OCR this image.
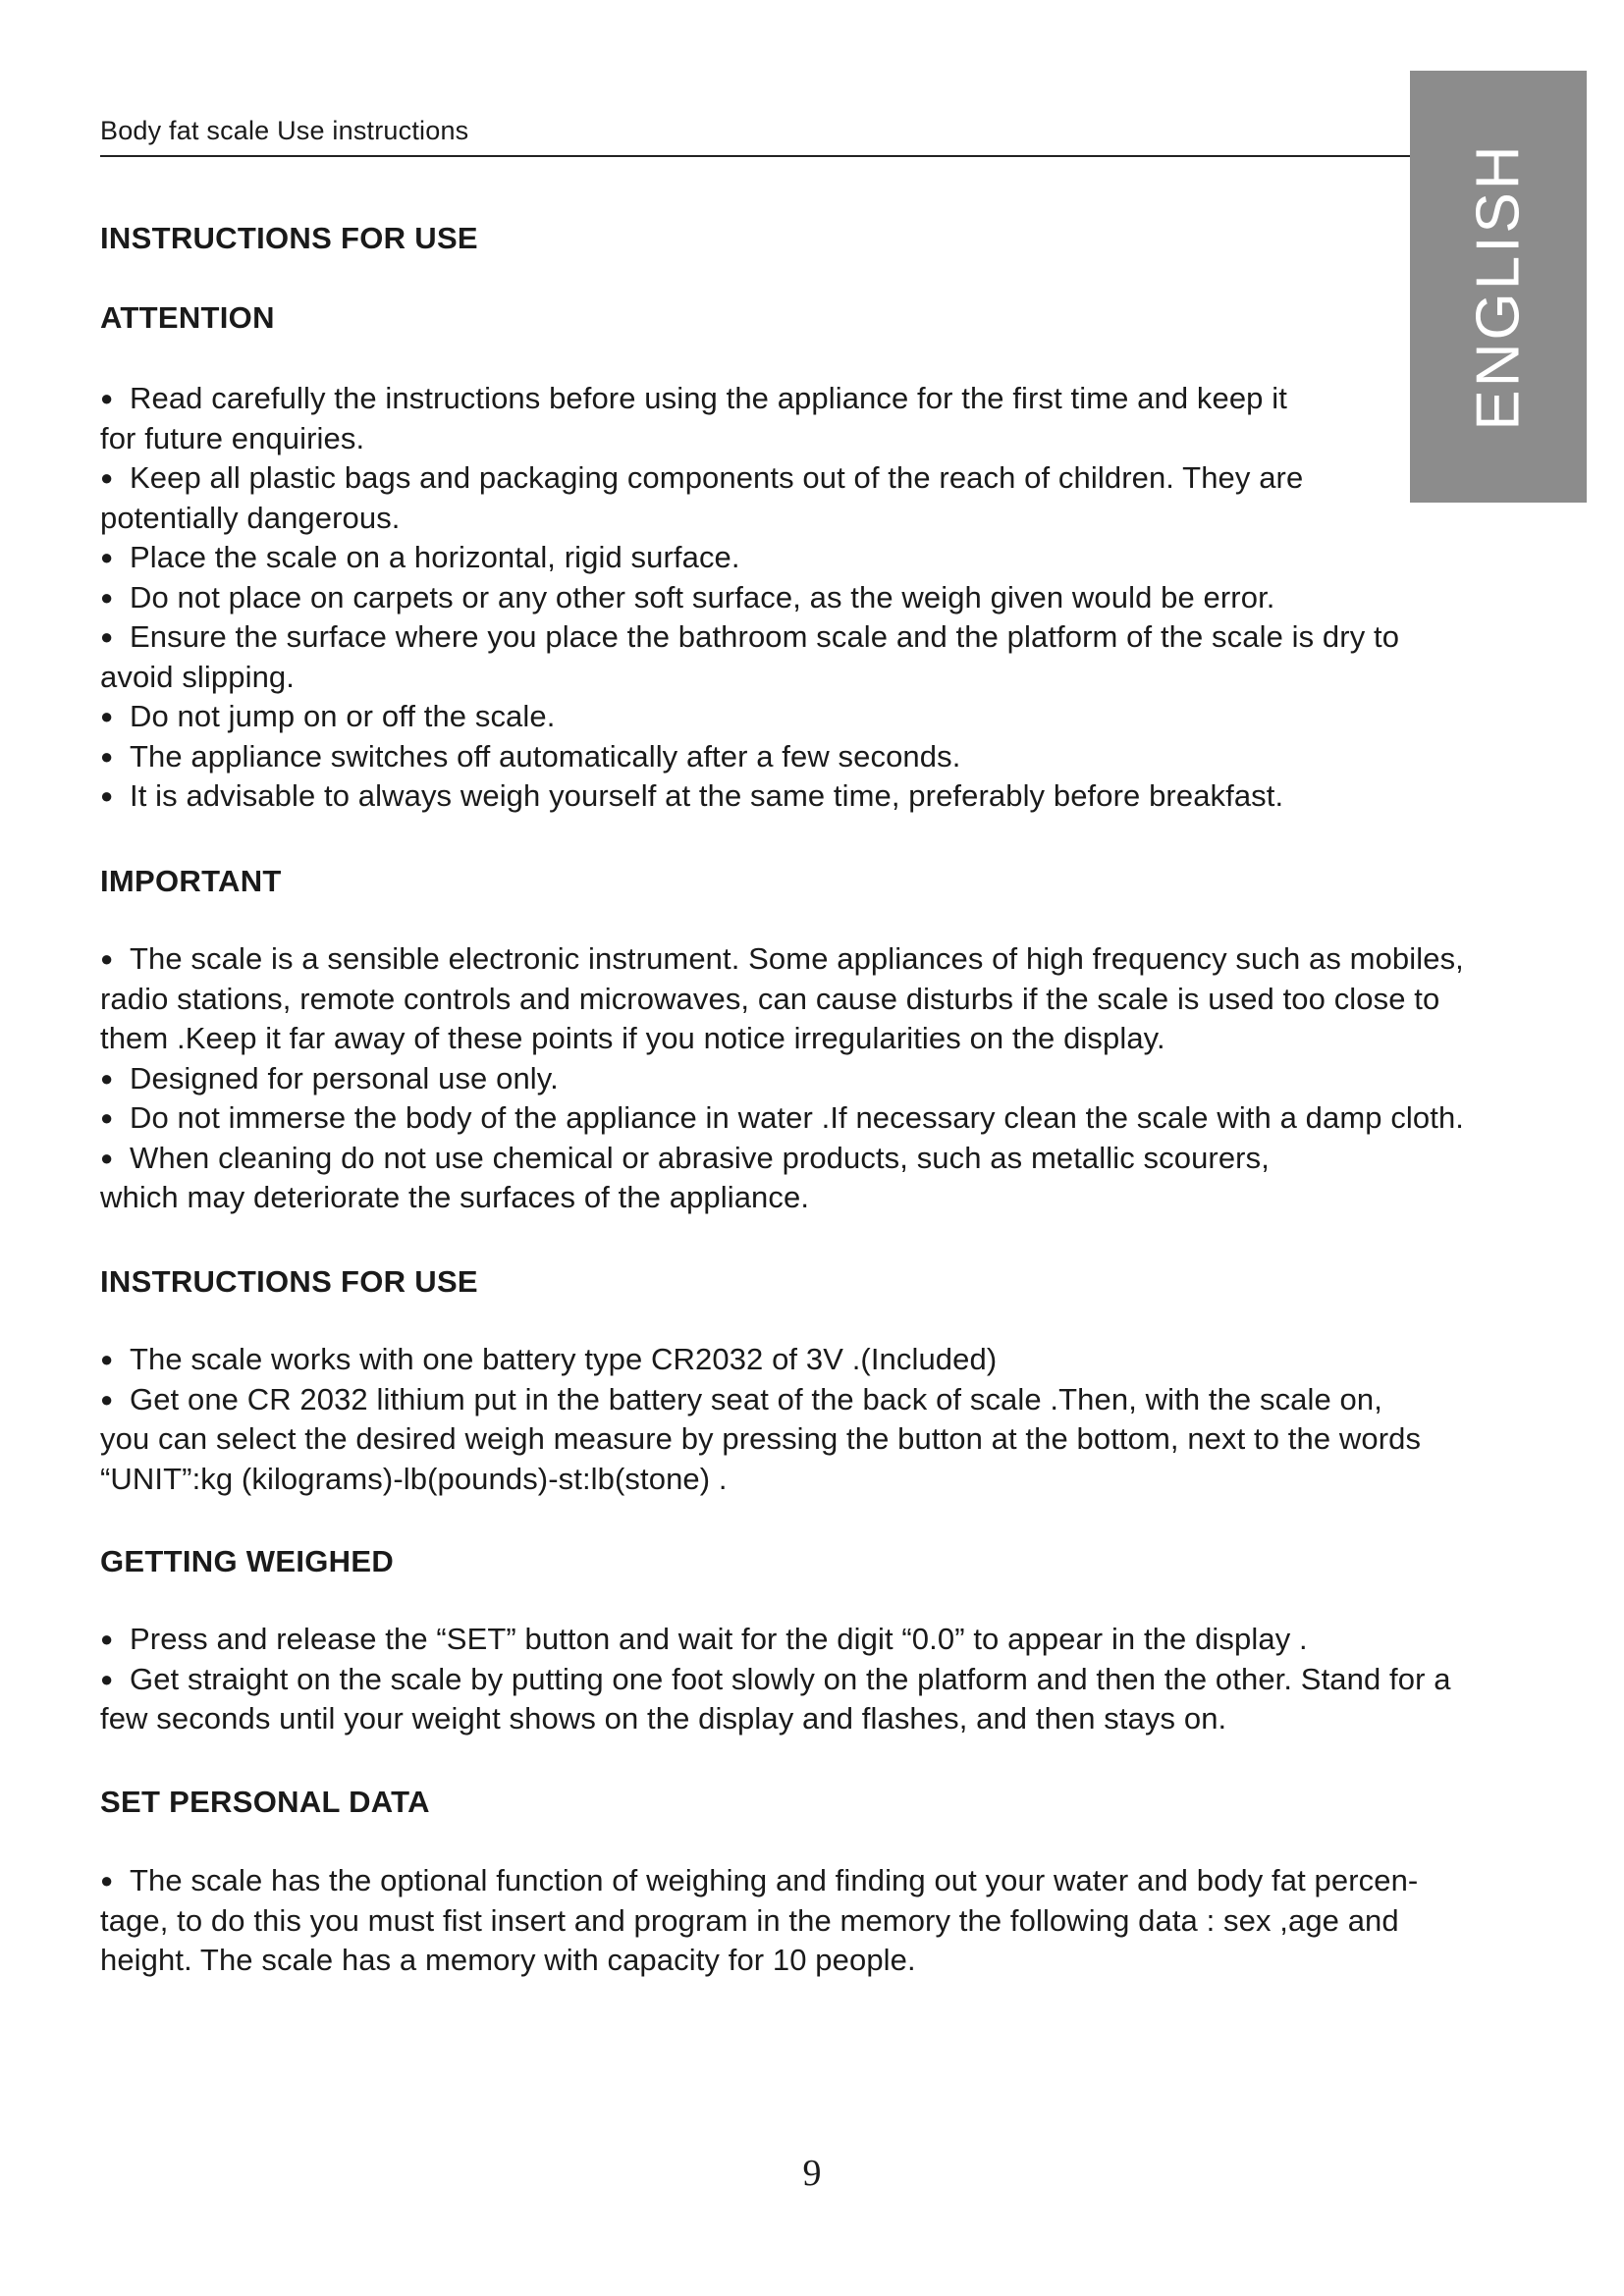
Body fat scale Use instructions
ENGLISH
INSTRUCTIONS FOR USE
ATTENTION
● Read carefully the instructions before using the appliance for the first time and keep it
for future enquiries.
● Keep all plastic bags and packaging components out of the reach of children. They are
potentially dangerous.
● Place the scale on a horizontal, rigid surface.
● Do not place on carpets or any other soft surface, as the weigh given would be error.
● Ensure the surface where you place the bathroom scale and the platform of the scale is dry to
avoid slipping.
● Do not jump on or off the scale.
● The appliance switches off automatically after a few seconds.
● It is advisable to always weigh yourself at the same time, preferably before breakfast.
IMPORTANT
● The scale is a sensible electronic instrument. Some appliances of high frequency such as mobiles,
radio stations, remote controls and microwaves, can cause disturbs if the scale is used too close to
them .Keep it far away of these points if you notice irregularities on the display.
● Designed for personal use only.
● Do not immerse the body of the appliance in water .If necessary clean the scale with a damp cloth.
● When cleaning do not use chemical or abrasive products, such as metallic scourers,
which may deteriorate the surfaces of the appliance.
INSTRUCTIONS FOR USE
● The scale works with one battery type CR2032 of 3V .(Included)
● Get one CR 2032 lithium put in the battery seat of the back of scale .Then, with the scale on,
you can select the desired weigh measure by pressing the button at the bottom, next to the words
“UNIT”:kg (kilograms)-lb(pounds)-st:lb(stone) .
GETTING WEIGHED
● Press and release the “SET” button and wait for the digit “0.0” to appear in the display .
● Get straight on the scale by putting one foot slowly on the platform and then the other. Stand for a
few seconds until your weight shows on the display and flashes, and then stays on.
SET PERSONAL DATA
● The scale has the optional function of weighing and finding out your water and body fat percen-
tage, to do this you must fist insert and program in the memory the following data : sex ,age and
height. The scale has a memory with capacity for 10 people.
9
